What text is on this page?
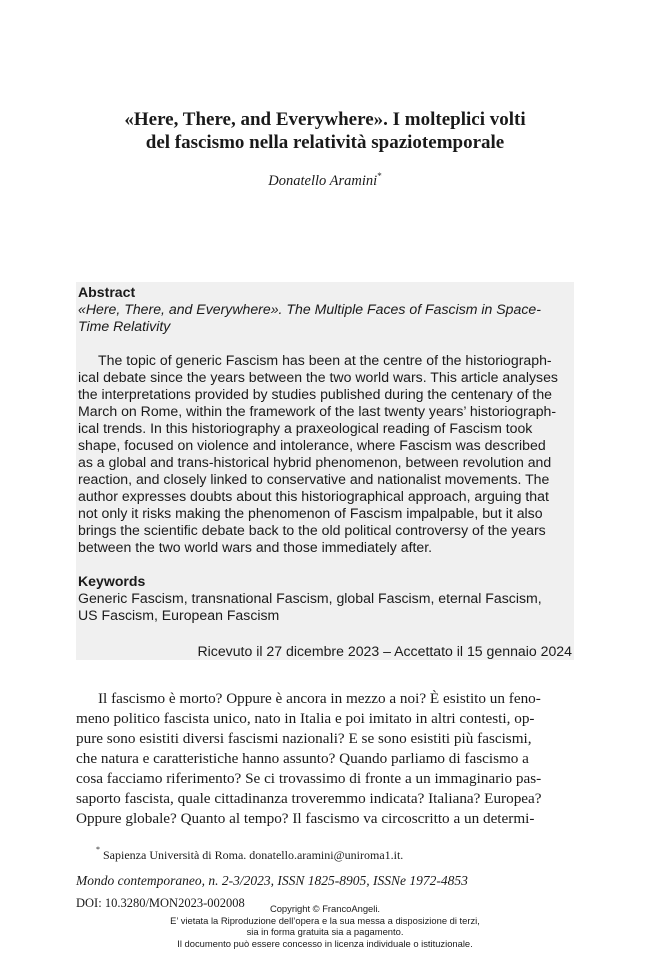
«Here, There, and Everywhere». I molteplici volti
del fascismo nella relatività spaziotemporale
Donatello Aramini*
Abstract
«Here, There, and Everywhere». The Multiple Faces of Fascism in Space-
Time Relativity
The topic of generic Fascism has been at the centre of the historiograph-
ical debate since the years between the two world wars. This article analyses
the interpretations provided by studies published during the centenary of the
March on Rome, within the framework of the last twenty years’ historiograph-
ical trends. In this historiography a praxeological reading of Fascism took
shape, focused on violence and intolerance, where Fascism was described
as a global and trans-historical hybrid phenomenon, between revolution and
reaction, and closely linked to conservative and nationalist movements. The
author expresses doubts about this historiographical approach, arguing that
not only it risks making the phenomenon of Fascism impalpable, but it also
brings the scientific debate back to the old political controversy of the years
between the two world wars and those immediately after.
Keywords
Generic Fascism, transnational Fascism, global Fascism, eternal Fascism,
US Fascism, European Fascism
Ricevuto il 27 dicembre 2023 – Accettato il 15 gennaio 2024
Il fascismo è morto? Oppure è ancora in mezzo a noi? È esistito un feno-
meno politico fascista unico, nato in Italia e poi imitato in altri contesti, op-
pure sono esistiti diversi fascismi nazionali? E se sono esistiti più fascismi,
che natura e caratteristiche hanno assunto? Quando parliamo di fascismo a
cosa facciamo riferimento? Se ci trovassimo di fronte a un immaginario pas-
saporto fascista, quale cittadinanza troveremmo indicata? Italiana? Europea?
Oppure globale? Quanto al tempo? Il fascismo va circoscritto a un determi-
* Sapienza Università di Roma. donatello.aramini@uniroma1.it.
Mondo contemporaneo, n. 2-3/2023, ISSN 1825-8905, ISSNe 1972-4853
DOI: 10.3280/MON2023-002008	Copyright © FrancoAngeli.
E’ vietata la Riproduzione dell’opera e la sua messa a disposizione di terzi,
sia in forma gratuita sia a pagamento.
Il documento può essere concesso in licenza individuale o istituzionale.
